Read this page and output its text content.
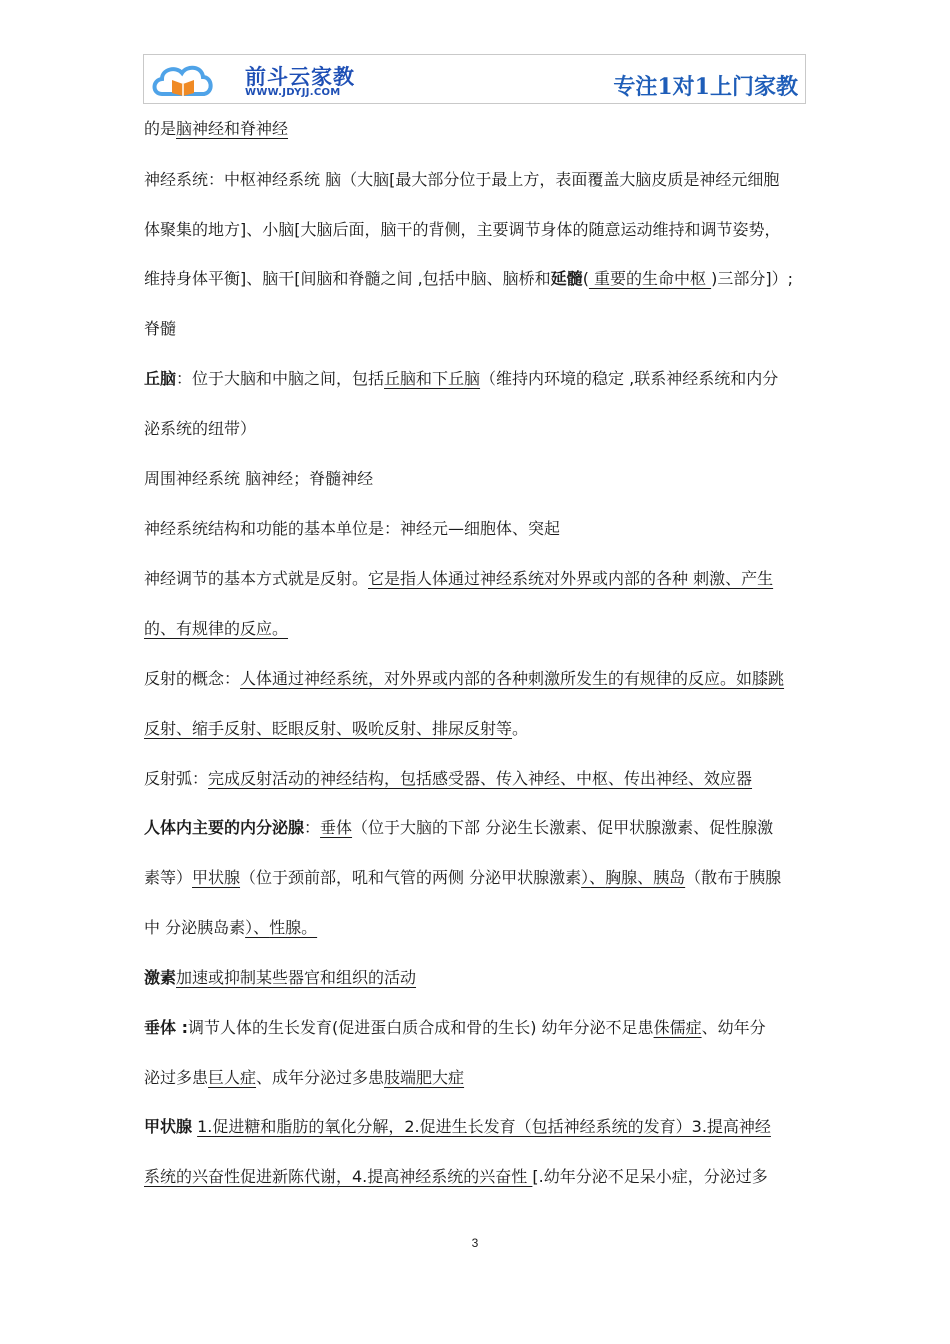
前斗云家教
WWW.JDYJJ.COM	专注1对1上门家教
的是脑神经和脊神经
神经系统：中枢神经系统 脑（大脑[最大部分位于最上方，表面覆盖大脑皮质是神经元细胞
体聚集的地方]、小脑[大脑后面，脑干的背侧，主要调节身体的随意运动维持和调节姿势，
维持身体平衡]、脑干[间脑和脊髓之间 ,包括中脑、脑桥和延髓( 重要的生命中枢 )三部分]）;
脊髓
丘脑：位于大脑和中脑之间，包括丘脑和下丘脑（维持内环境的稳定 ,联系神经系统和内分
泌系统的纽带）
周围神经系统 脑神经；脊髓神经
神经系统结构和功能的基本单位是：神经元—细胞体、突起
神经调节的基本方式就是反射。它是指人体通过神经系统对外界或内部的各种 刺激、产生
的、有规律的反应。
反射的概念：人体通过神经系统，对外界或内部的各种刺激所发生的有规律的反应。如膝跳
反射、缩手反射、眨眼反射、吸吮反射、排尿反射等。
反射弧：完成反射活动的神经结构，包括感受器、传入神经、中枢、传出神经、效应器
人体内主要的内分泌腺：垂体（位于大脑的下部 分泌生长激素、促甲状腺激素、促性腺激
素等）甲状腺（位于颈前部，吼和气管的两侧 分泌甲状腺激素）、胸腺、胰岛（散布于胰腺
中 分泌胰岛素）、性腺。
激素加速或抑制某些器官和组织的活动
垂体 :调节人体的生长发育(促进蛋白质合成和骨的生长) 幼年分泌不足患侏儒症、幼年分
泌过多患巨人症、成年分泌过多患肢端肥大症
甲状腺 1.促进糖和脂肪的氧化分解，2.促进生长发育（包括神经系统的发育）3.提高神经
系统的兴奋性促进新陈代谢，4.提高神经系统的兴奋性 [.幼年分泌不足呆小症，分泌过多
3
